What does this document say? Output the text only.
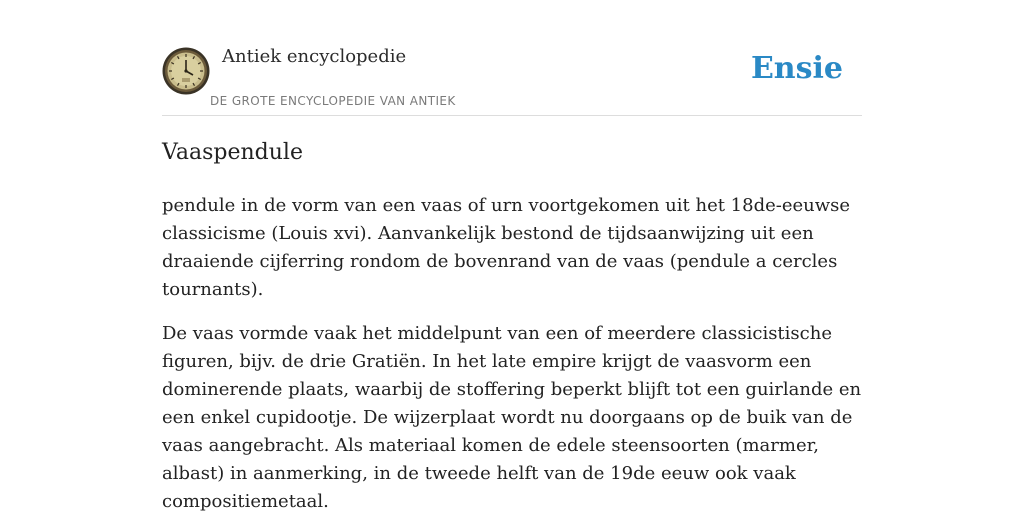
Antiek encyclopedie
DE GROTE ENCYCLOPEDIE VAN ANTIEK
Ensie
Vaaspendule

pendule in de vorm van een vaas of urn voortgekomen uit het 18de-eeuwse classicisme (Louis xvi). Aanvankelijk bestond de tijdsaanwijzing uit een draaiende cijferring rondom de bovenrand van de vaas (pendule a cercles tournants).

De vaas vormde vaak het middelpunt van een of meerdere classicistische figuren, bijv. de drie Gratiën. In het late empire krijgt de vaasvorm een dominerende plaats, waarbij de stoffering beperkt blijft tot een guirlande en een enkel cupidootje. De wijzerplaat wordt nu doorgaans op de buik van de vaas aangebracht. Als materiaal komen de edele steensoorten (marmer, albast) in aanmerking, in de tweede helft van de 19de eeuw ook vaak compositiemetaal.
